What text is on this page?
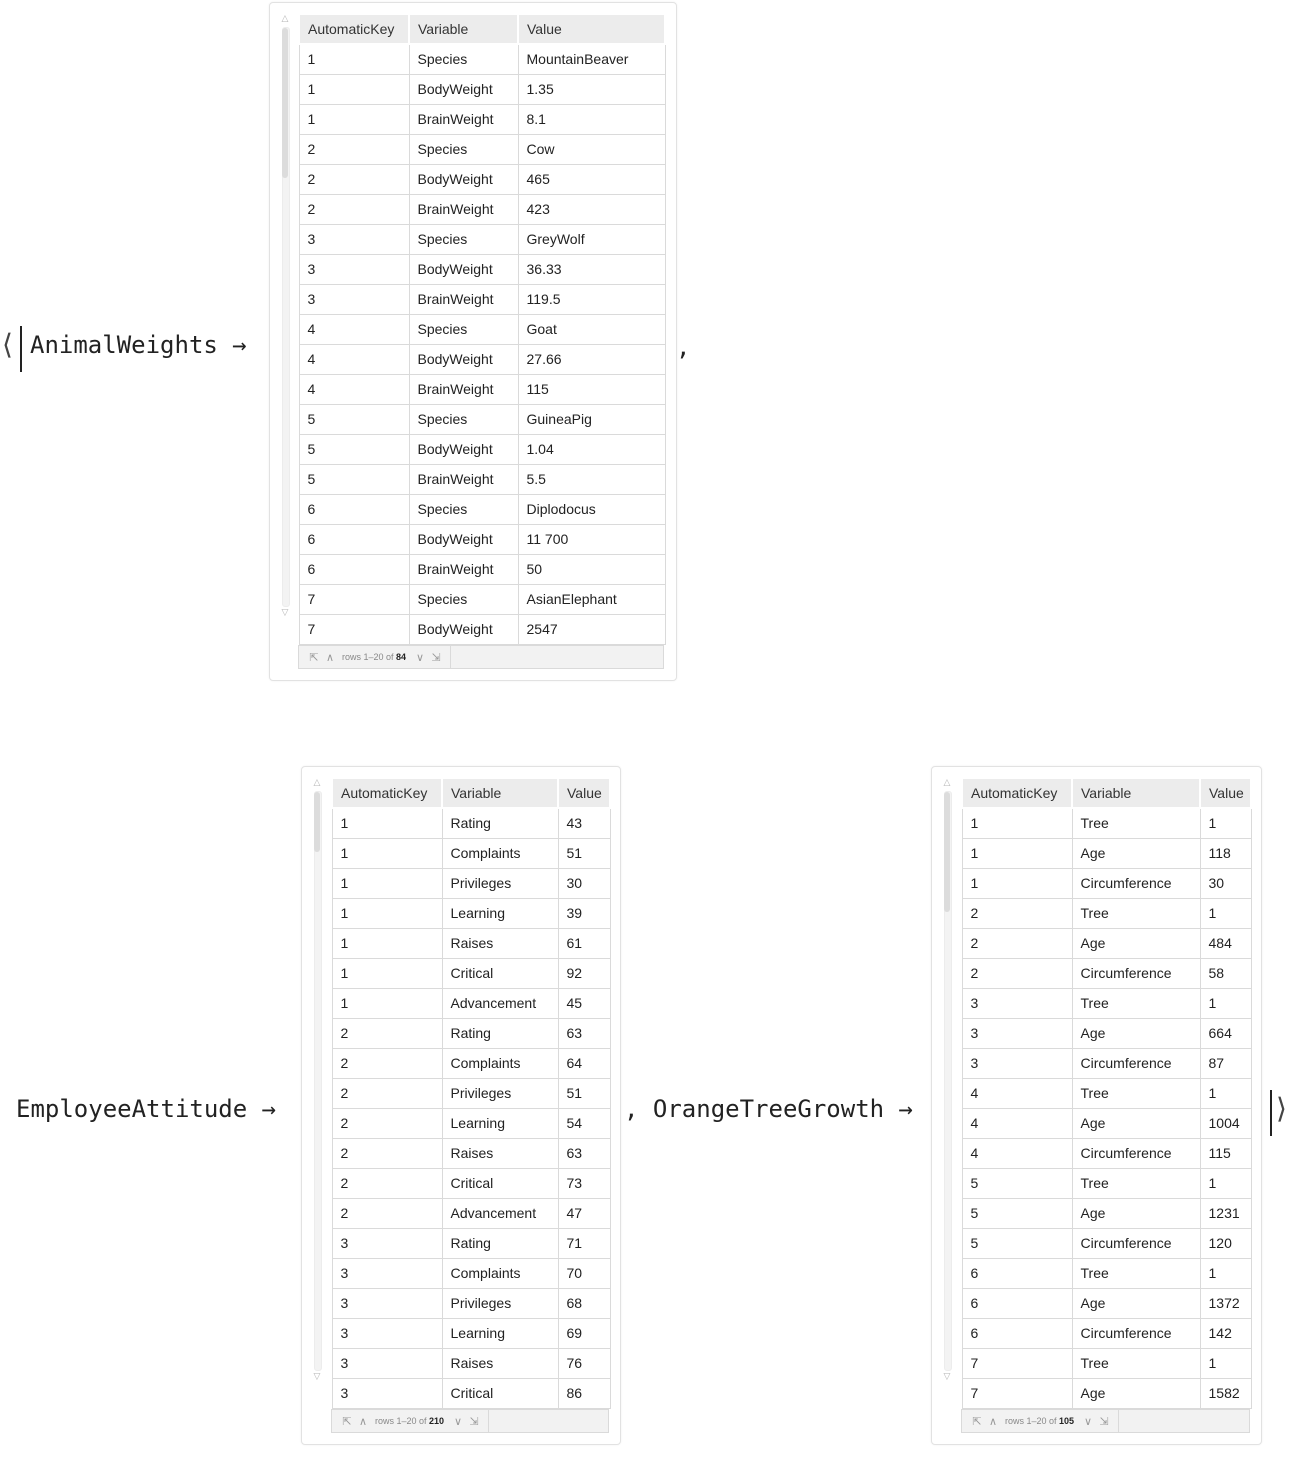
⟨ AnimalWeights →
△
▽
AutomaticKey	Variable	Value
1	Species	MountainBeaver
1	BodyWeight	1.35
1	BrainWeight	8.1
2	Species	Cow
2	BodyWeight	465
2	BrainWeight	423
3	Species	GreyWolf
3	BodyWeight	36.33
3	BrainWeight	119.5
4	Species	Goat
4	BodyWeight	27.66
4	BrainWeight	115
5	Species	GuineaPig
5	BodyWeight	1.04
5	BrainWeight	5.5
6	Species	Diplodocus
6	BodyWeight	11 700
6	BrainWeight	50
7	Species	AsianElephant
7	BodyWeight	2547
⇱ ∧ rows 1–20 of 84 ∨ ⇲
,
EmployeeAttitude →
△
▽
AutomaticKey	Variable	Value
1	Rating	43
1	Complaints	51
1	Privileges	30
1	Learning	39
1	Raises	61
1	Critical	92
1	Advancement	45
2	Rating	63
2	Complaints	64
2	Privileges	51
2	Learning	54
2	Raises	63
2	Critical	73
2	Advancement	47
3	Rating	71
3	Complaints	70
3	Privileges	68
3	Learning	69
3	Raises	76
3	Critical	86
⇱ ∧ rows 1–20 of 210 ∨ ⇲
, OrangeTreeGrowth →
△
▽
AutomaticKey	Variable	Value
1	Tree	1
1	Age	118
1	Circumference	30
2	Tree	1
2	Age	484
2	Circumference	58
3	Tree	1
3	Age	664
3	Circumference	87
4	Tree	1
4	Age	1004
4	Circumference	115
5	Tree	1
5	Age	1231
5	Circumference	120
6	Tree	1
6	Age	1372
6	Circumference	142
7	Tree	1
7	Age	1582
⇱ ∧ rows 1–20 of 105 ∨ ⇲
⟩
